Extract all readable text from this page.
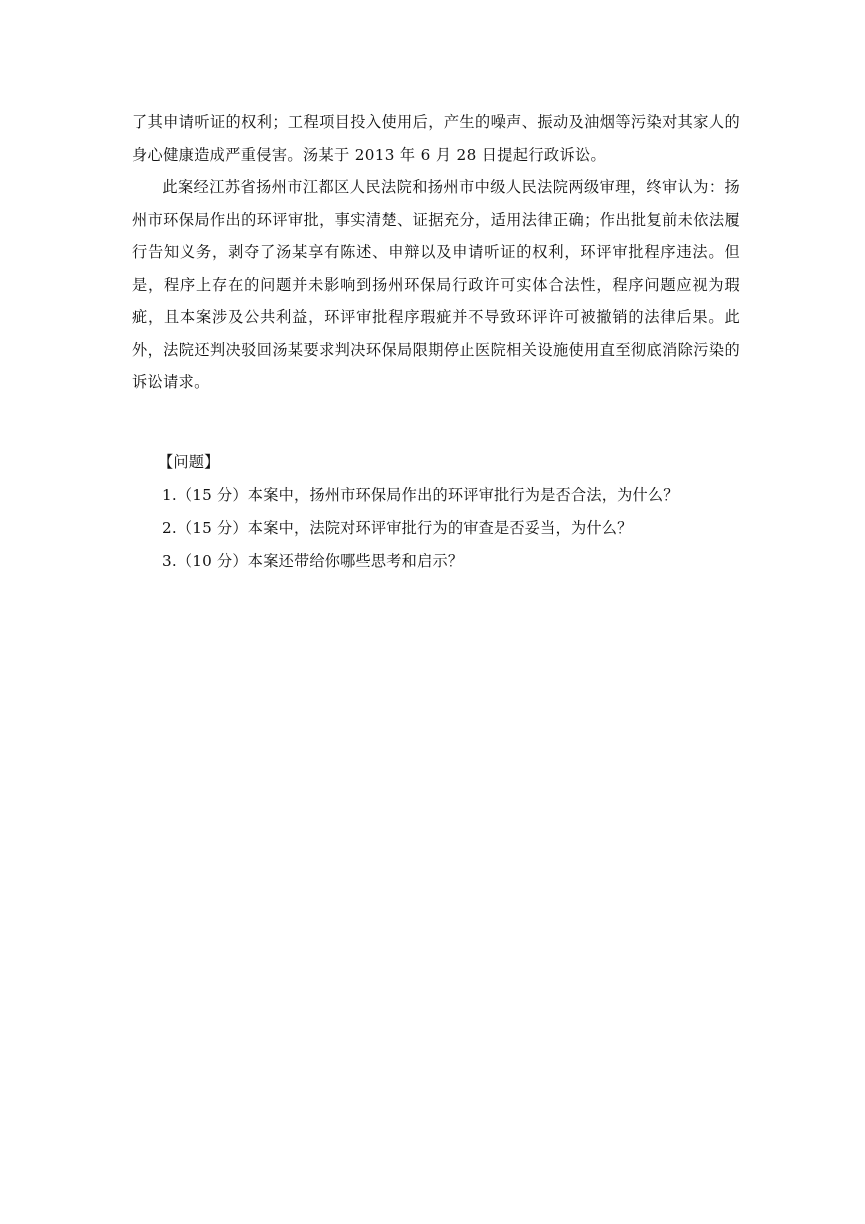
了其申请听证的权利；工程项目投入使用后，产生的噪声、振动及油烟等污染对其家人的身心健康造成严重侵害。汤某于 2013 年 6 月 28 日提起行政诉讼。

此案经江苏省扬州市江都区人民法院和扬州市中级人民法院两级审理，终审认为：扬州市环保局作出的环评审批，事实清楚、证据充分，适用法律正确；作出批复前未依法履行告知义务，剥夺了汤某享有陈述、申辩以及申请听证的权利，环评审批程序违法。但是，程序上存在的问题并未影响到扬州环保局行政许可实体合法性，程序问题应视为瑕疵，且本案涉及公共利益，环评审批程序瑕疵并不导致环评许可被撤销的法律后果。此外，法院还判决驳回汤某要求判决环保局限期停止医院相关设施使用直至彻底消除污染的诉讼请求。

【问题】

1.（15 分）本案中，扬州市环保局作出的环评审批行为是否合法，为什么？
2.（15 分）本案中，法院对环评审批行为的审查是否妥当，为什么？
3.（10 分）本案还带给你哪些思考和启示？
